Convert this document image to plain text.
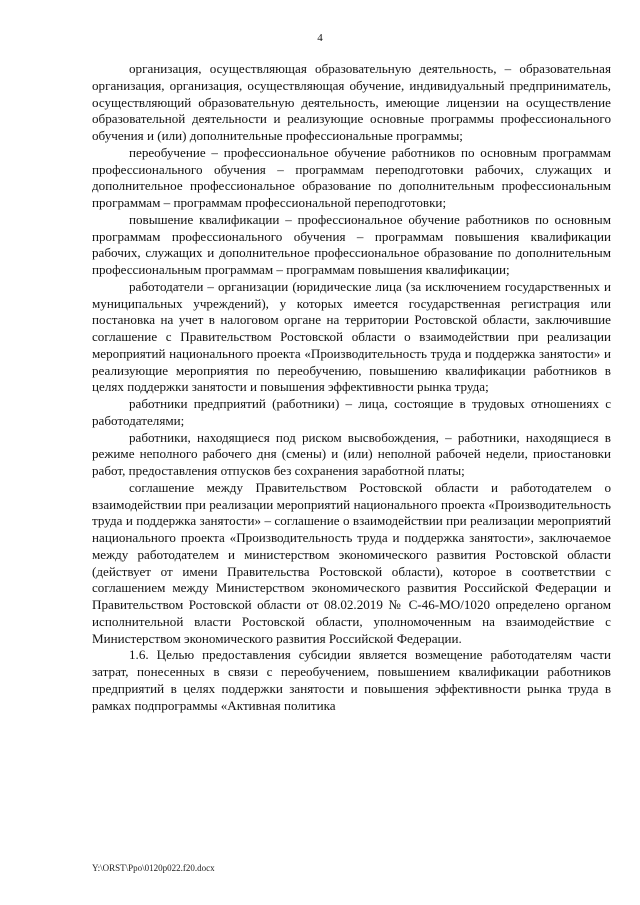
4

организация, осуществляющая образовательную деятельность, – образовательная организация, организация, осуществляющая обучение, индивидуальный предприниматель, осуществляющий образовательную деятельность, имеющие лицензии на осуществление образовательной деятельности и реализующие основные программы профессионального обучения и (или) дополнительные профессиональные программы;

переобучение – профессиональное обучение работников по основным программам профессионального обучения – программам переподготовки рабочих, служащих и дополнительное профессиональное образование по дополнительным профессиональным программам – программам профессиональной переподготовки;

повышение квалификации – профессиональное обучение работников по основным программам профессионального обучения – программам повышения квалификации рабочих, служащих и дополнительное профессиональное образование по дополнительным профессиональным программам – программам повышения квалификации;

работодатели – организации (юридические лица (за исключением государственных и муниципальных учреждений), у которых имеется государственная регистрация или постановка на учет в налоговом органе на территории Ростовской области, заключившие соглашение с Правительством Ростовской области о взаимодействии при реализации мероприятий национального проекта «Производительность труда и поддержка занятости» и реализующие мероприятия по переобучению, повышению квалификации работников в целях поддержки занятости и повышения эффективности рынка труда;

работники предприятий (работники) – лица, состоящие в трудовых отношениях с работодателями;

работники, находящиеся под риском высвобождения, – работники, находящиеся в режиме неполного рабочего дня (смены) и (или) неполной рабочей недели, приостановки работ, предоставления отпусков без сохранения заработной платы;

соглашение между Правительством Ростовской области и работодателем о взаимодействии при реализации мероприятий национального проекта «Производительность труда и поддержка занятости» – соглашение о взаимодействии при реализации мероприятий национального проекта «Производительность труда и поддержка занятости», заключаемое между работодателем и министерством экономического развития Ростовской области (действует от имени Правительства Ростовской области), которое в соответствии с соглашением между Министерством экономического развития Российской Федерации и Правительством Ростовской области от 08.02.2019 № С-46-МО/1020 определено органом исполнительной власти Ростовской области, уполномоченным на взаимодействие с Министерством экономического развития Российской Федерации.

1.6. Целью предоставления субсидии является возмещение работодателям части затрат, понесенных в связи с переобучением, повышением квалификации работников предприятий в целях поддержки занятости и повышения эффективности рынка труда в рамках подпрограммы «Активная политика

Y:\ORST\Ppo\0120p022.f20.docx
